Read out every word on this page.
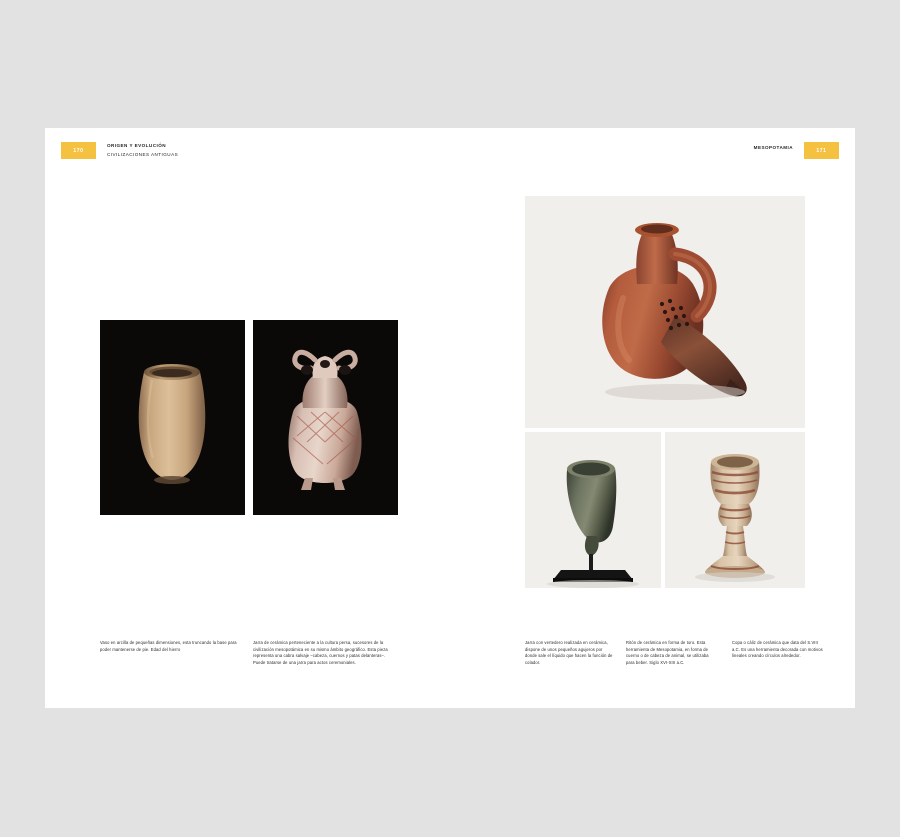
170
ORIGEN Y EVOLUCIÓN
CIVILIZACIONES ANTIGUAS
Vaso en arcilla de pequeñas dimensiones, esta truncando la base para poder mantenerse de pie. Edad del hierro
Jarra de cerámica perteneciente a la cultura persa, sucesores de la civilización mesopotámica en su mismo ámbito geográfico. Esta pieza representa una cabra salvaje –cabeza, cuernos y patas delanteras–. Puede tratarse de una jarra para actos ceremoniales.
171
MESOPOTAMIA
Jarra con vertedero realizada en cerámica, dispone de unos pequeños agujeros por donde sale el líquido que hacen la función de colador.
Ritón de cerámica en forma de toro. Esta herramienta de Mesopotamia, en forma de cuerno o de cabeza de animal, se utilizaba para beber. Siglo XVI-XIII a.C.
Copa o cáliz de cerámica que data del S.VIII a.C. Es una herramienta decorada con motivos lineales creando círculos alrededor.
